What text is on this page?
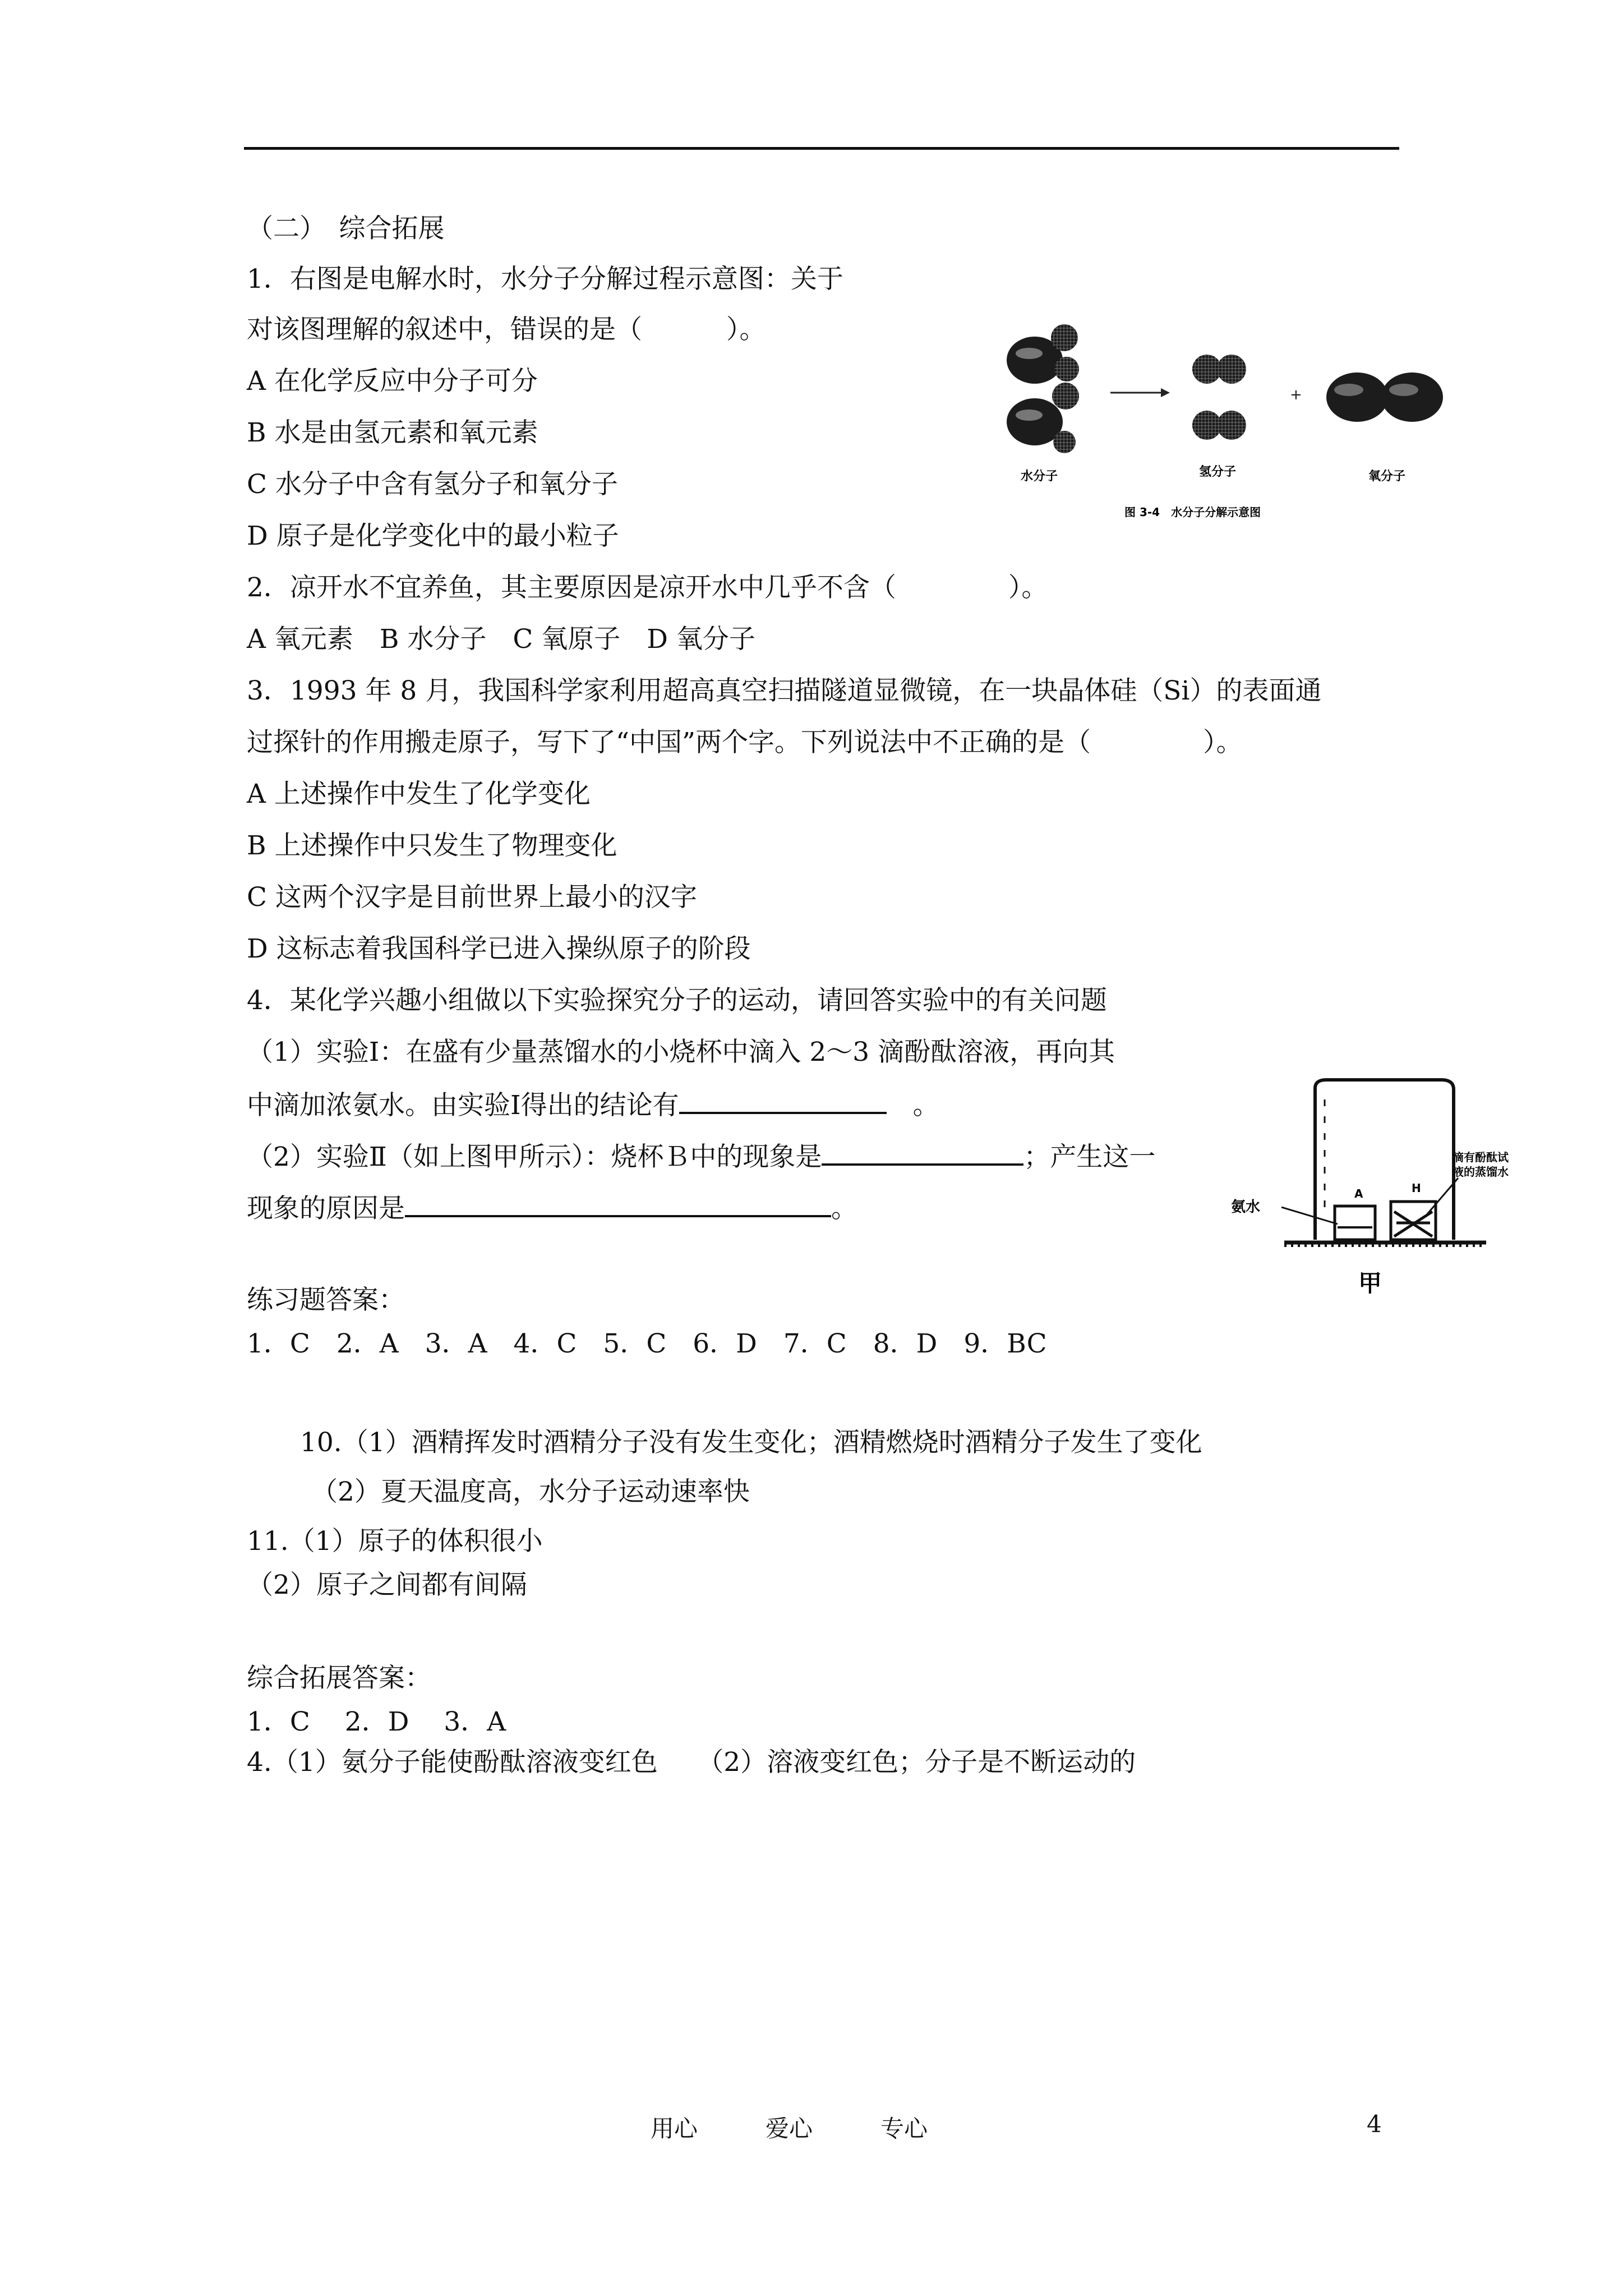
（二）　综合拓展
1．右图是电解水时，水分子分解过程示意图：关于
对该图理解的叙述中，错误的是（	）。
A 在化学反应中分子可分
B 水是由氢元素和氧元素
C 水分子中含有氢分子和氧分子
D 原子是化学变化中的最小粒子
+
水分子	氢分子	氧分子
图 3-4　水分子分解示意图
2．凉开水不宜养鱼，其主要原因是凉开水中几乎不含（	）。
A 氧元素　B 水分子　C 氧原子　D 氧分子
3．1993 年 8 月，我国科学家利用超高真空扫描隧道显微镜，在一块晶体硅（Si）的表面通
过探针的作用搬走原子，写下了“中国”两个字。下列说法中不正确的是（	）。
A 上述操作中发生了化学变化
B 上述操作中只发生了物理变化
C 这两个汉字是目前世界上最小的汉字
D 这标志着我国科学已进入操纵原子的阶段
4．某化学兴趣小组做以下实验探究分子的运动，请回答实验中的有关问题
（1）实验Ⅰ：在盛有少量蒸馏水的小烧杯中滴入 2～3 滴酚酞溶液，再向其
中滴加浓氨水。由实验Ⅰ得出的结论有	　。
（2）实验Ⅱ（如上图甲所示）：烧杯Ｂ中的现象是	；产生这一
现象的原因是	。	A	H
氨水
滴有酚酞试
液的蒸馏水
甲
练习题答案：
1．C　2．A　3．A　4．C　5．C　6．D　7．C　8．D　9．BC
10.（1）酒精挥发时酒精分子没有发生变化；酒精燃烧时酒精分子发生了变化
（2）夏天温度高，水分子运动速率快
11.（1）原子的体积很小
（2）原子之间都有间隔
综合拓展答案：
1．C　 2．D　 3．A
4.（1）氨分子能使酚酞溶液变红色　　（2）溶液变红色；分子是不断运动的
用心	爱心	专心	4
